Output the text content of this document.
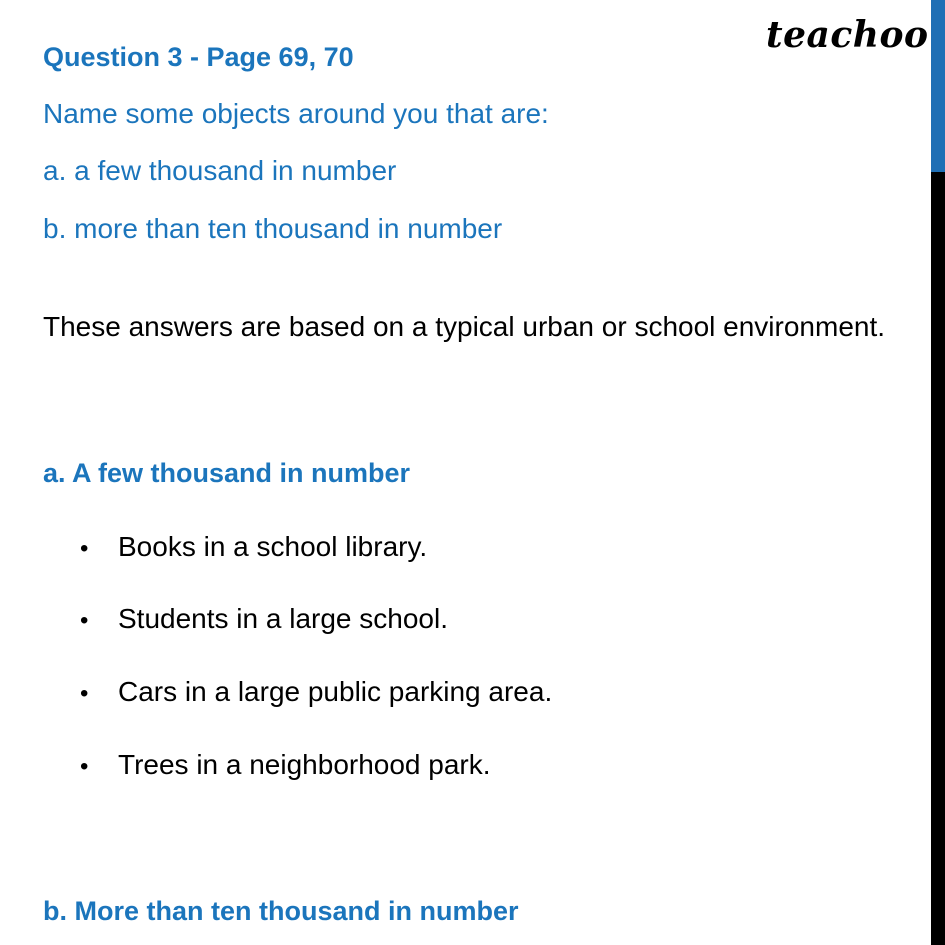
teachoo
Question 3 - Page 69, 70
Name some objects around you that are:
a. a few thousand in number
b. more than ten thousand in number
These answers are based on a typical urban or school environment.
a. A few thousand in number
• Books in a school library.
• Students in a large school.
• Cars in a large public parking area.
• Trees in a neighborhood park.
b. More than ten thousand in number
